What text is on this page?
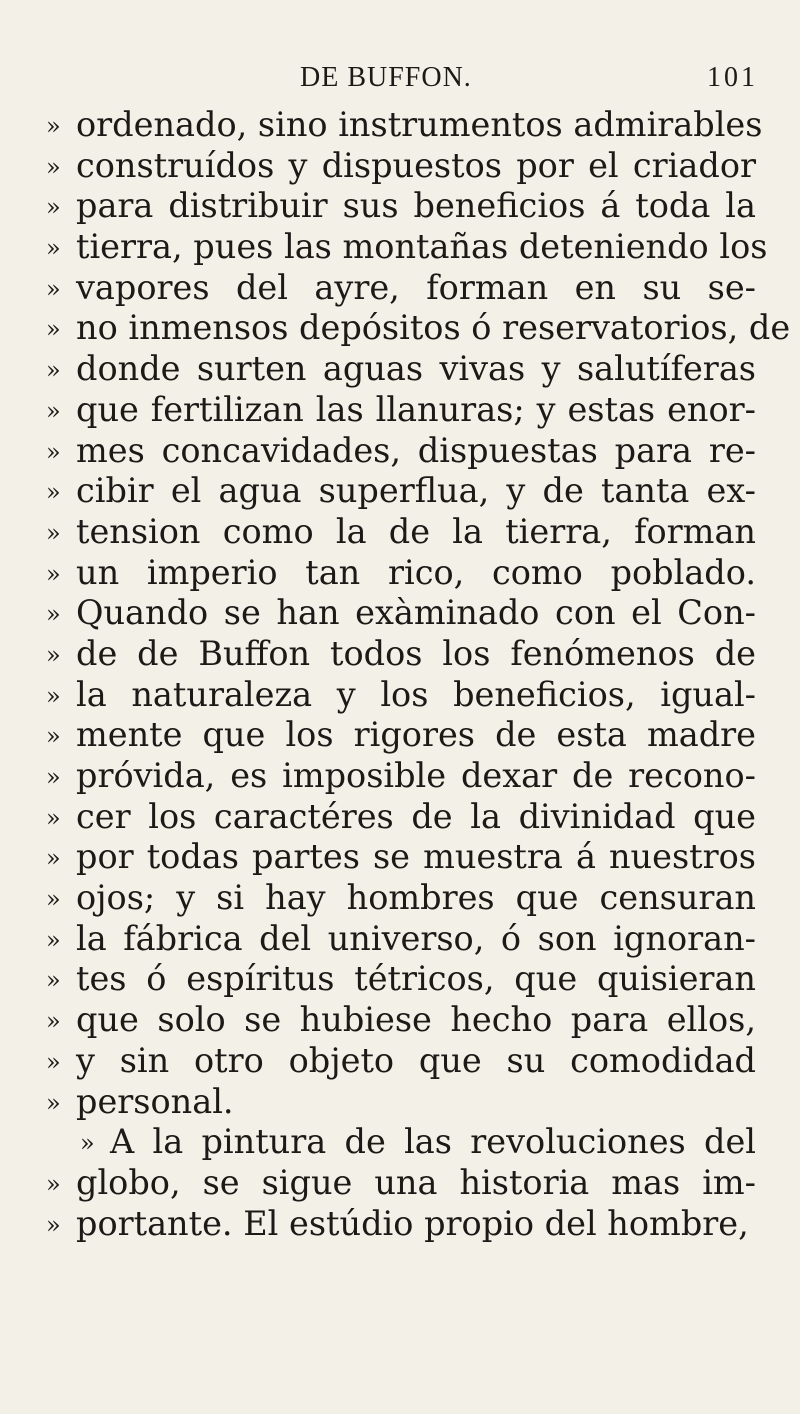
DE BUFFON.	101
» ordenado, sino instrumentos admirables
» construídos y dispuestos por el criador
» para distribuir sus beneficios á toda la
» tierra, pues las montañas deteniendo los
» vapores del ayre, forman en su se-
» no inmensos depósitos ó reservatorios, de
» donde surten aguas vivas y salutíferas
» que fertilizan las llanuras; y estas enor-
» mes concavidades, dispuestas para re-
» cibir el agua superflua, y de tanta ex-
» tension como la de la tierra, forman
» un imperio tan rico, como poblado.
» Quando se han exàminado con el Con-
» de de Buffon todos los fenómenos de
» la naturaleza y los beneficios, igual-
» mente que los rigores de esta madre
» próvida, es imposible dexar de recono-
» cer los caractéres de la divinidad que
» por todas partes se muestra á nuestros
» ojos; y si hay hombres que censuran
» la fábrica del universo, ó son ignoran-
» tes ó espíritus tétricos, que quisieran
» que solo se hubiese hecho para ellos,
» y sin otro objeto que su comodidad
» personal.
» A la pintura de las revoluciones del
» globo, se sigue una historia mas im-
» portante. El estúdio propio del hombre,
